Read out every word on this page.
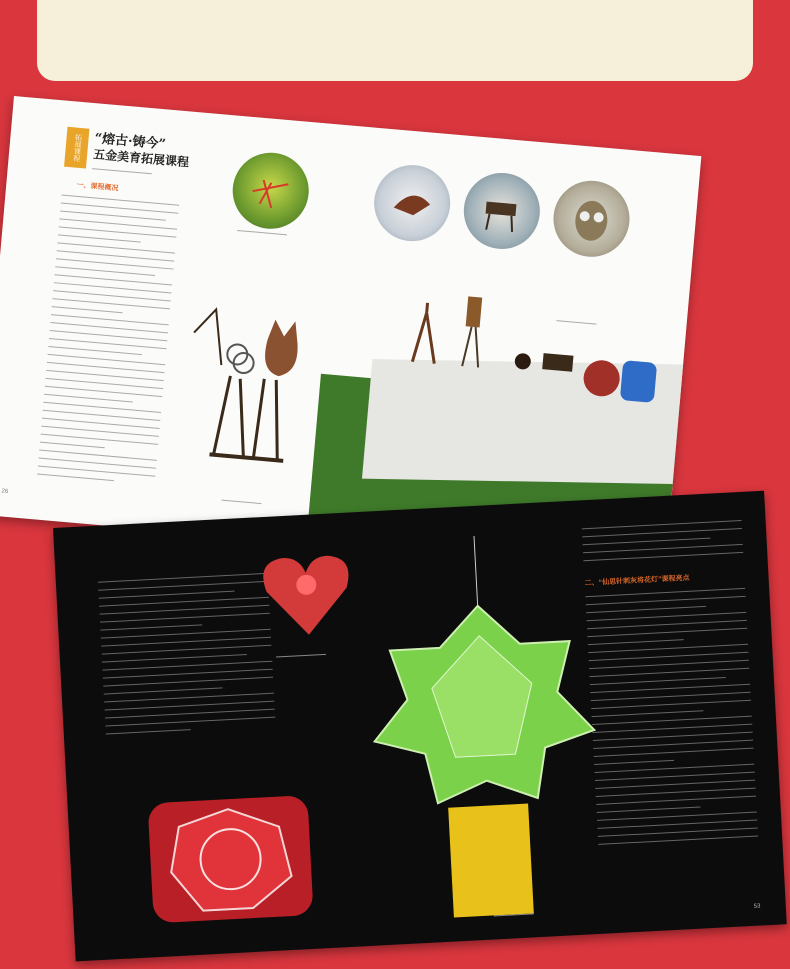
拓展课程 “熔古·铸今”
五金美育拓展课程
一、课程概况
26
二、“仙思针刺灰将花灯”课程亮点
53
